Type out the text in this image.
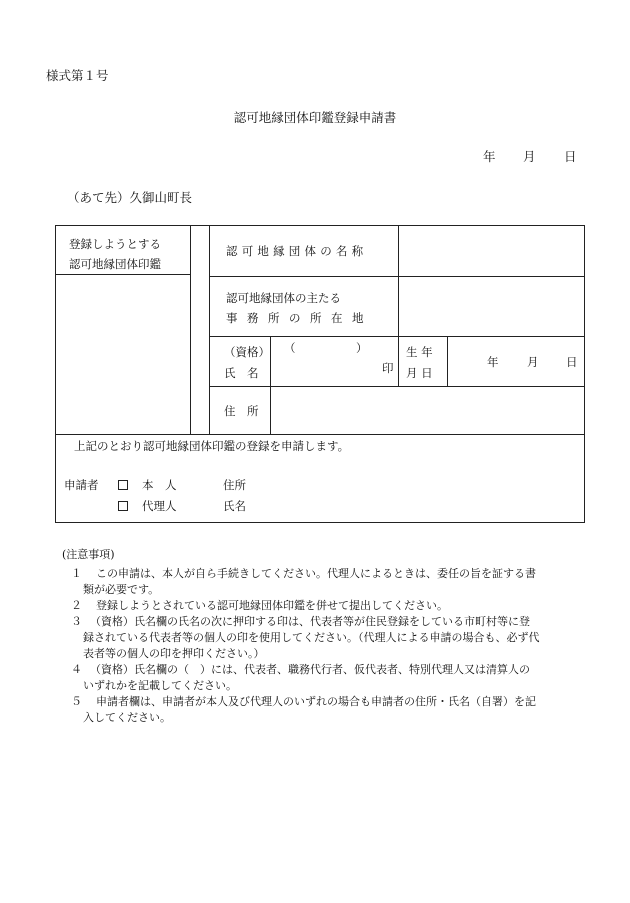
様式第１号
認可地縁団体印鑑登録申請書
年 月 日
（あて先）久御山町長
登録しようとする
認可地縁団体印鑑
認可地縁団体の名称
認可地縁団体の主たる
事務所の所在地
（資格）
氏　名
（	）
印
生 年
月 日
年 月 日
住　所
上記のとおり認可地縁団体印鑑の登録を申請します。
申請者	本　人
代理人
住所
氏名
(注意事項)
１ この申請は、本人が自ら手続きしてください。代理人によるときは、委任の旨を証する書
類が必要です。
２ 登録しようとされている認可地縁団体印鑑を併せて提出してください。
３ （資格）氏名欄の氏名の次に押印する印は、代表者等が住民登録をしている市町村等に登
録されている代表者等の個人の印を使用してください。（代理人による申請の場合も、必ず代
表者等の個人の印を押印ください。）
４ （資格）氏名欄の（　）には、代表者、職務代行者、仮代表者、特別代理人又は清算人の
いずれかを記載してください。
５ 申請者欄は、申請者が本人及び代理人のいずれの場合も申請者の住所・氏名（自署）を記
入してください。
